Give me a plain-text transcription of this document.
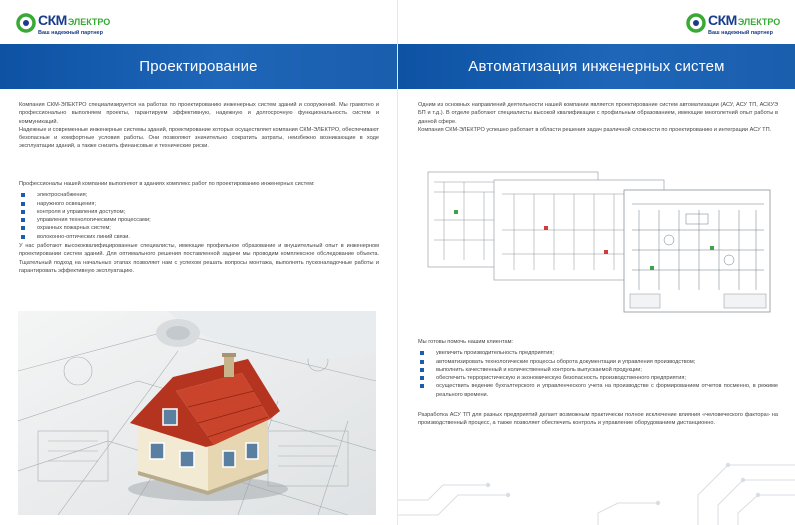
СКМЭЛЕКТРО
Ваш надежный партнер
Проектирование

Компания СКМ-ЭЛЕКТРО специализируется на работах по проектированию инженерных систем зданий и сооружений. Мы грамотно и профессионально выполняем проекты, гарантируем эффективную, надежную и долгосрочную функциональность систем и коммуникаций.

Надежные и современные инженерные системы зданий, проектирование которых осуществляет компания СКМ-ЭЛЕКТРО, обеспечивают безопасные и комфортные условия работы. Они позволяют значительно сократить затраты, неизбежно возникающие в ходе эксплуатации зданий, а также снизить финансовые и технические риски.

Профессионалы нашей компании выполняют в зданиях комплекс работ по проектированию инженерных систем:

электроснабжения;
наружного освещения;
контроля и управления доступом;
управления технологическими процессами;
охранных пожарных систем;
волоконно-оптических линий связи.

У нас работают высококвалифицированные специалисты, имеющие профильное образование и внушительный опыт в инженерном проектировании систем зданий. Для оптимального решения поставленной задачи мы проводим комплексное обследование объекта. Тщательный подход на начальных этапах позволяет нам с успехом решать вопросы монтажа, выполнять пусконаладочные работы и гарантировать эффективную эксплуатацию.

СКМЭЛЕКТРО
Ваш надежный партнер
Автоматизация инженерных систем

Одним из основных направлений деятельности нашей компании является проектирование систем автоматизации (АСУ, АСУ ТП, АСКУЭ БП и т.д.). В отделе работают специалисты высокой квалификации с профильным образованием, имеющие многолетний опыт работы в данной сфере.

Компания СКМ-ЭЛЕКТРО успешно работает в области решения задач различной сложности по проектированию и интеграции АСУ ТП.

Мы готовы помочь нашим клиентам:

увеличить производительность предприятия;
автоматизировать технологические процессы оборота документации и управления производством;
выполнить качественный и количественный контроль выпускаемой продукции;
обеспечить террористическую и экономическую безопасность производственного предприятия;
осуществить ведение бухгалтерского и управленческого учета на производстве с формированием отчетов посменно, в режиме реального времени.

Разработка АСУ ТП для разных предприятий делает возможным практически полное исключение влияния «человеческого фактора» на производственный процесс, а также позволяет обеспечить контроль и управление оборудованием дистанционно.
